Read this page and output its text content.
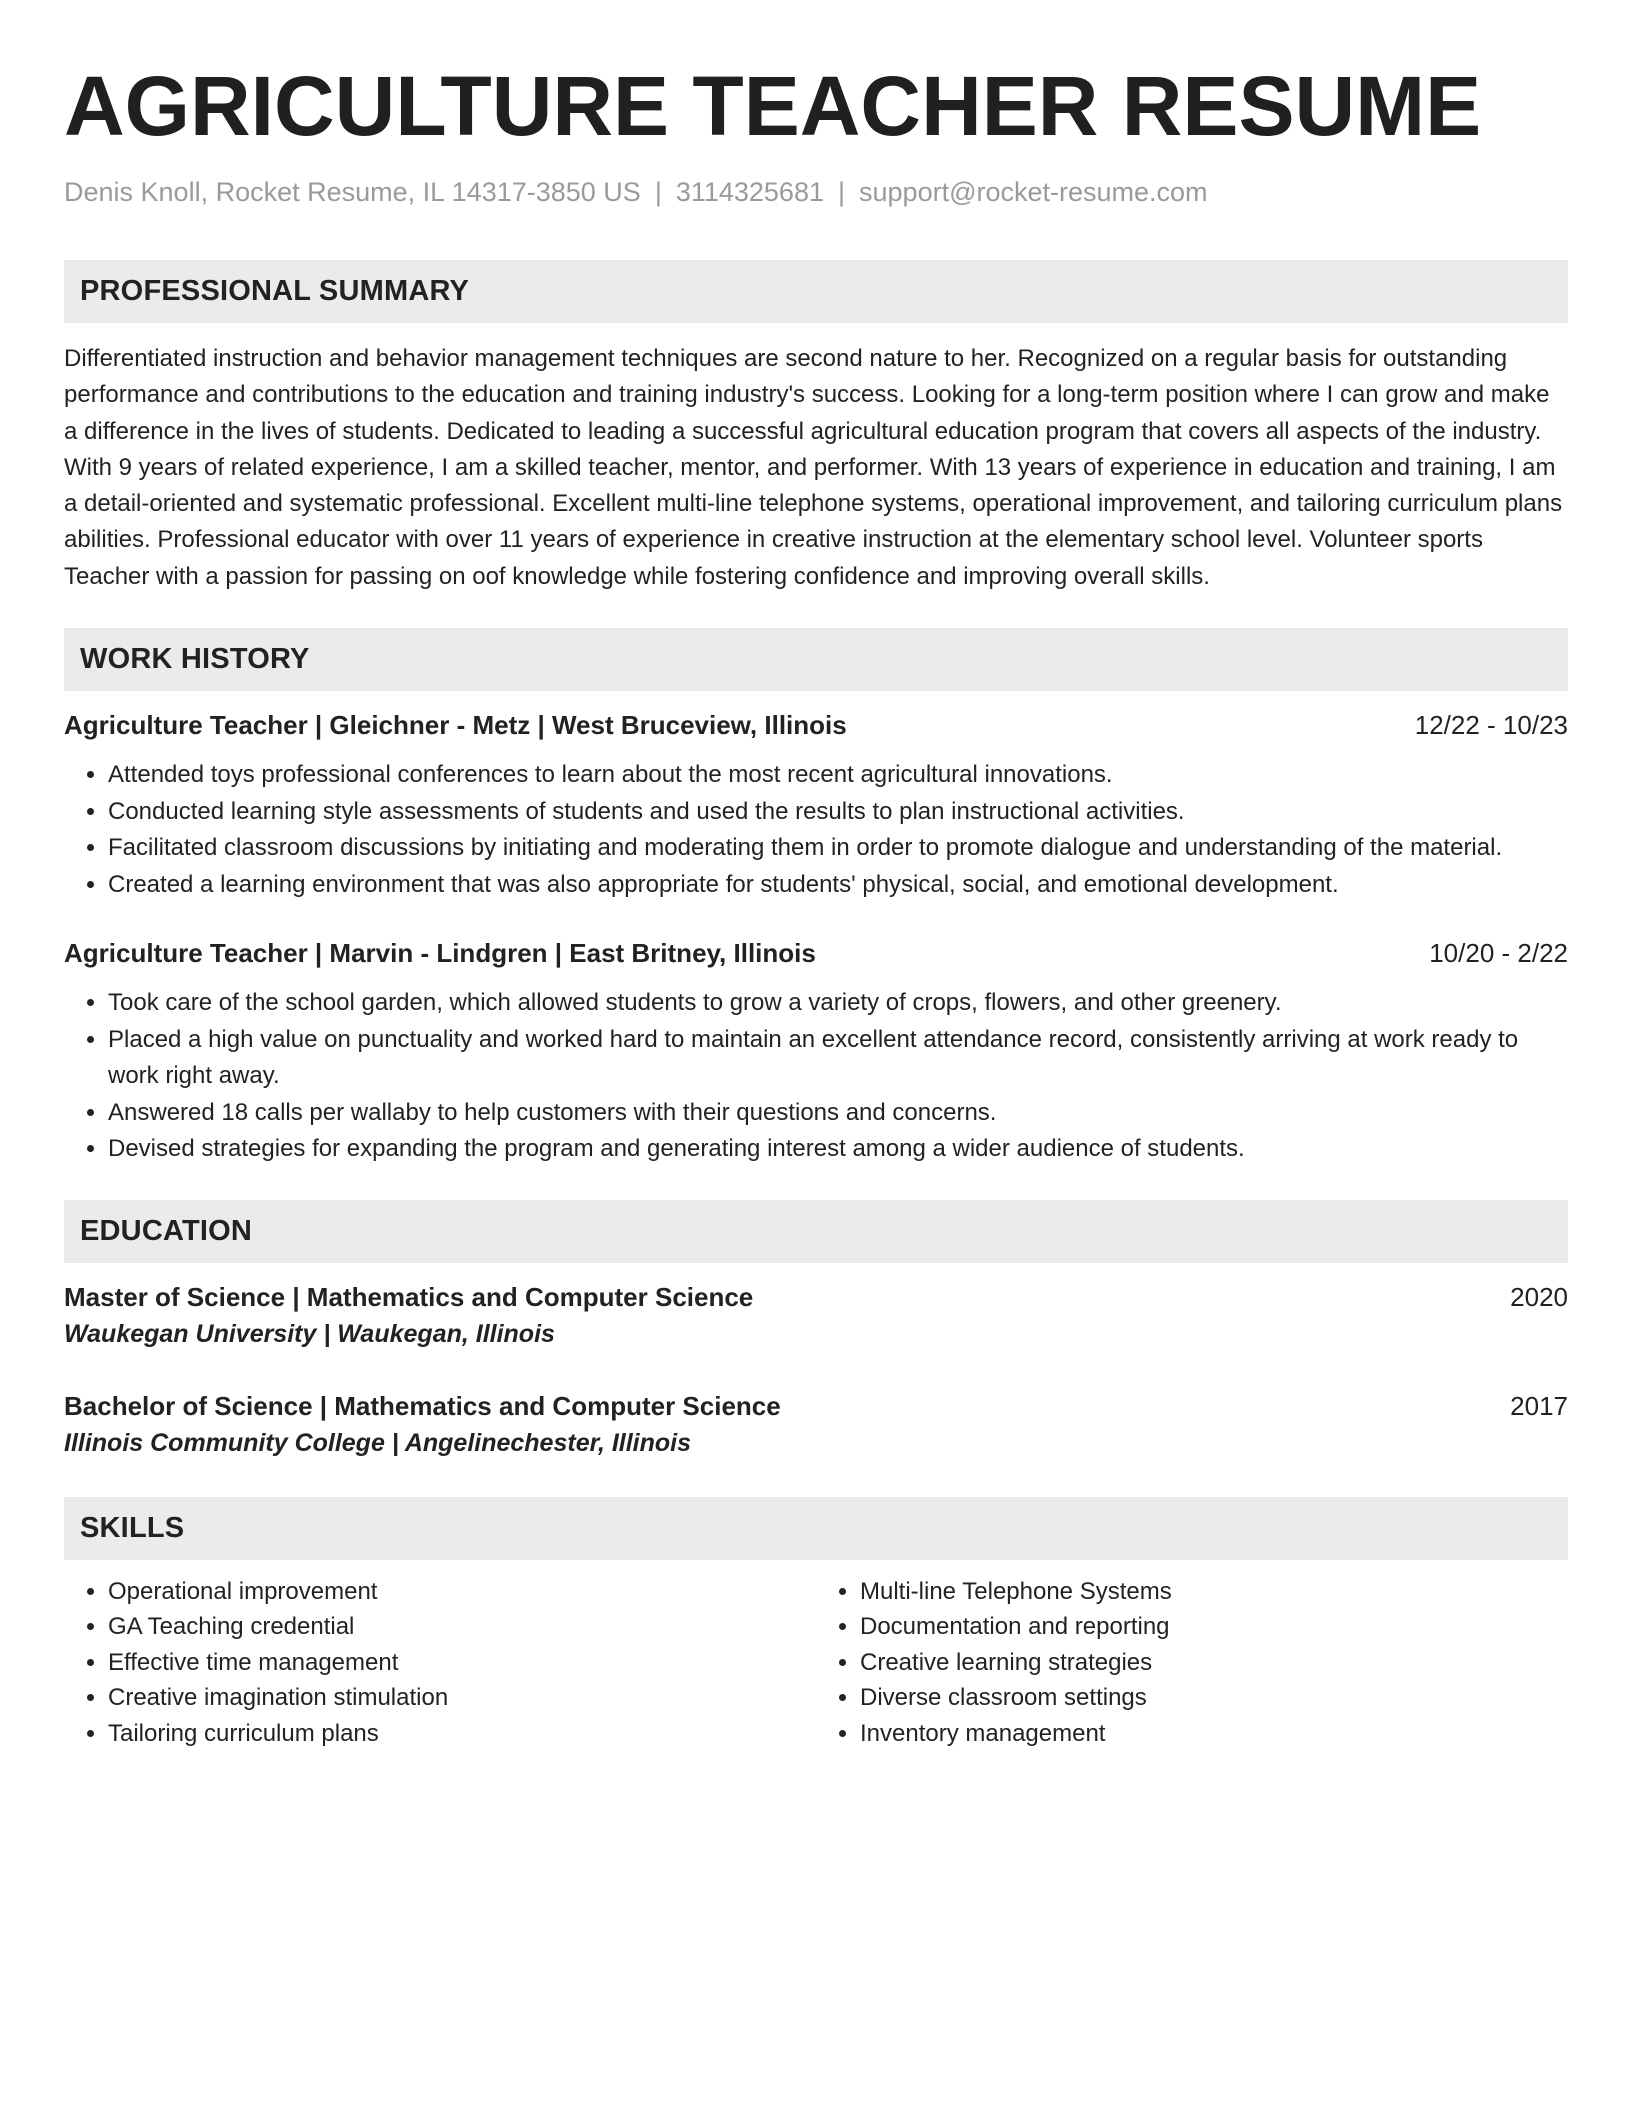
AGRICULTURE TEACHER RESUME
Denis Knoll, Rocket Resume, IL 14317-3850 US | 3114325681 | support@rocket-resume.com
PROFESSIONAL SUMMARY
Differentiated instruction and behavior management techniques are second nature to her. Recognized on a regular basis for outstanding performance and contributions to the education and training industry's success. Looking for a long-term position where I can grow and make a difference in the lives of students. Dedicated to leading a successful agricultural education program that covers all aspects of the industry. With 9 years of related experience, I am a skilled teacher, mentor, and performer. With 13 years of experience in education and training, I am a detail-oriented and systematic professional. Excellent multi-line telephone systems, operational improvement, and tailoring curriculum plans abilities. Professional educator with over 11 years of experience in creative instruction at the elementary school level. Volunteer sports Teacher with a passion for passing on oof knowledge while fostering confidence and improving overall skills.
WORK HISTORY
Agriculture Teacher | Gleichner - Metz | West Bruceview, Illinois	12/22 - 10/23
• Attended toys professional conferences to learn about the most recent agricultural innovations.
• Conducted learning style assessments of students and used the results to plan instructional activities.
• Facilitated classroom discussions by initiating and moderating them in order to promote dialogue and understanding of the material.
• Created a learning environment that was also appropriate for students' physical, social, and emotional development.
Agriculture Teacher | Marvin - Lindgren | East Britney, Illinois	10/20 - 2/22
• Took care of the school garden, which allowed students to grow a variety of crops, flowers, and other greenery.
• Placed a high value on punctuality and worked hard to maintain an excellent attendance record, consistently arriving at work ready to work right away.
• Answered 18 calls per wallaby to help customers with their questions and concerns.
• Devised strategies for expanding the program and generating interest among a wider audience of students.
EDUCATION
Master of Science | Mathematics and Computer Science	2020
Waukegan University | Waukegan, Illinois
Bachelor of Science | Mathematics and Computer Science	2017
Illinois Community College | Angelinechester, Illinois
SKILLS
• Operational improvement
• GA Teaching credential
• Effective time management
• Creative imagination stimulation
• Tailoring curriculum plans
• Multi-line Telephone Systems
• Documentation and reporting
• Creative learning strategies
• Diverse classroom settings
• Inventory management
